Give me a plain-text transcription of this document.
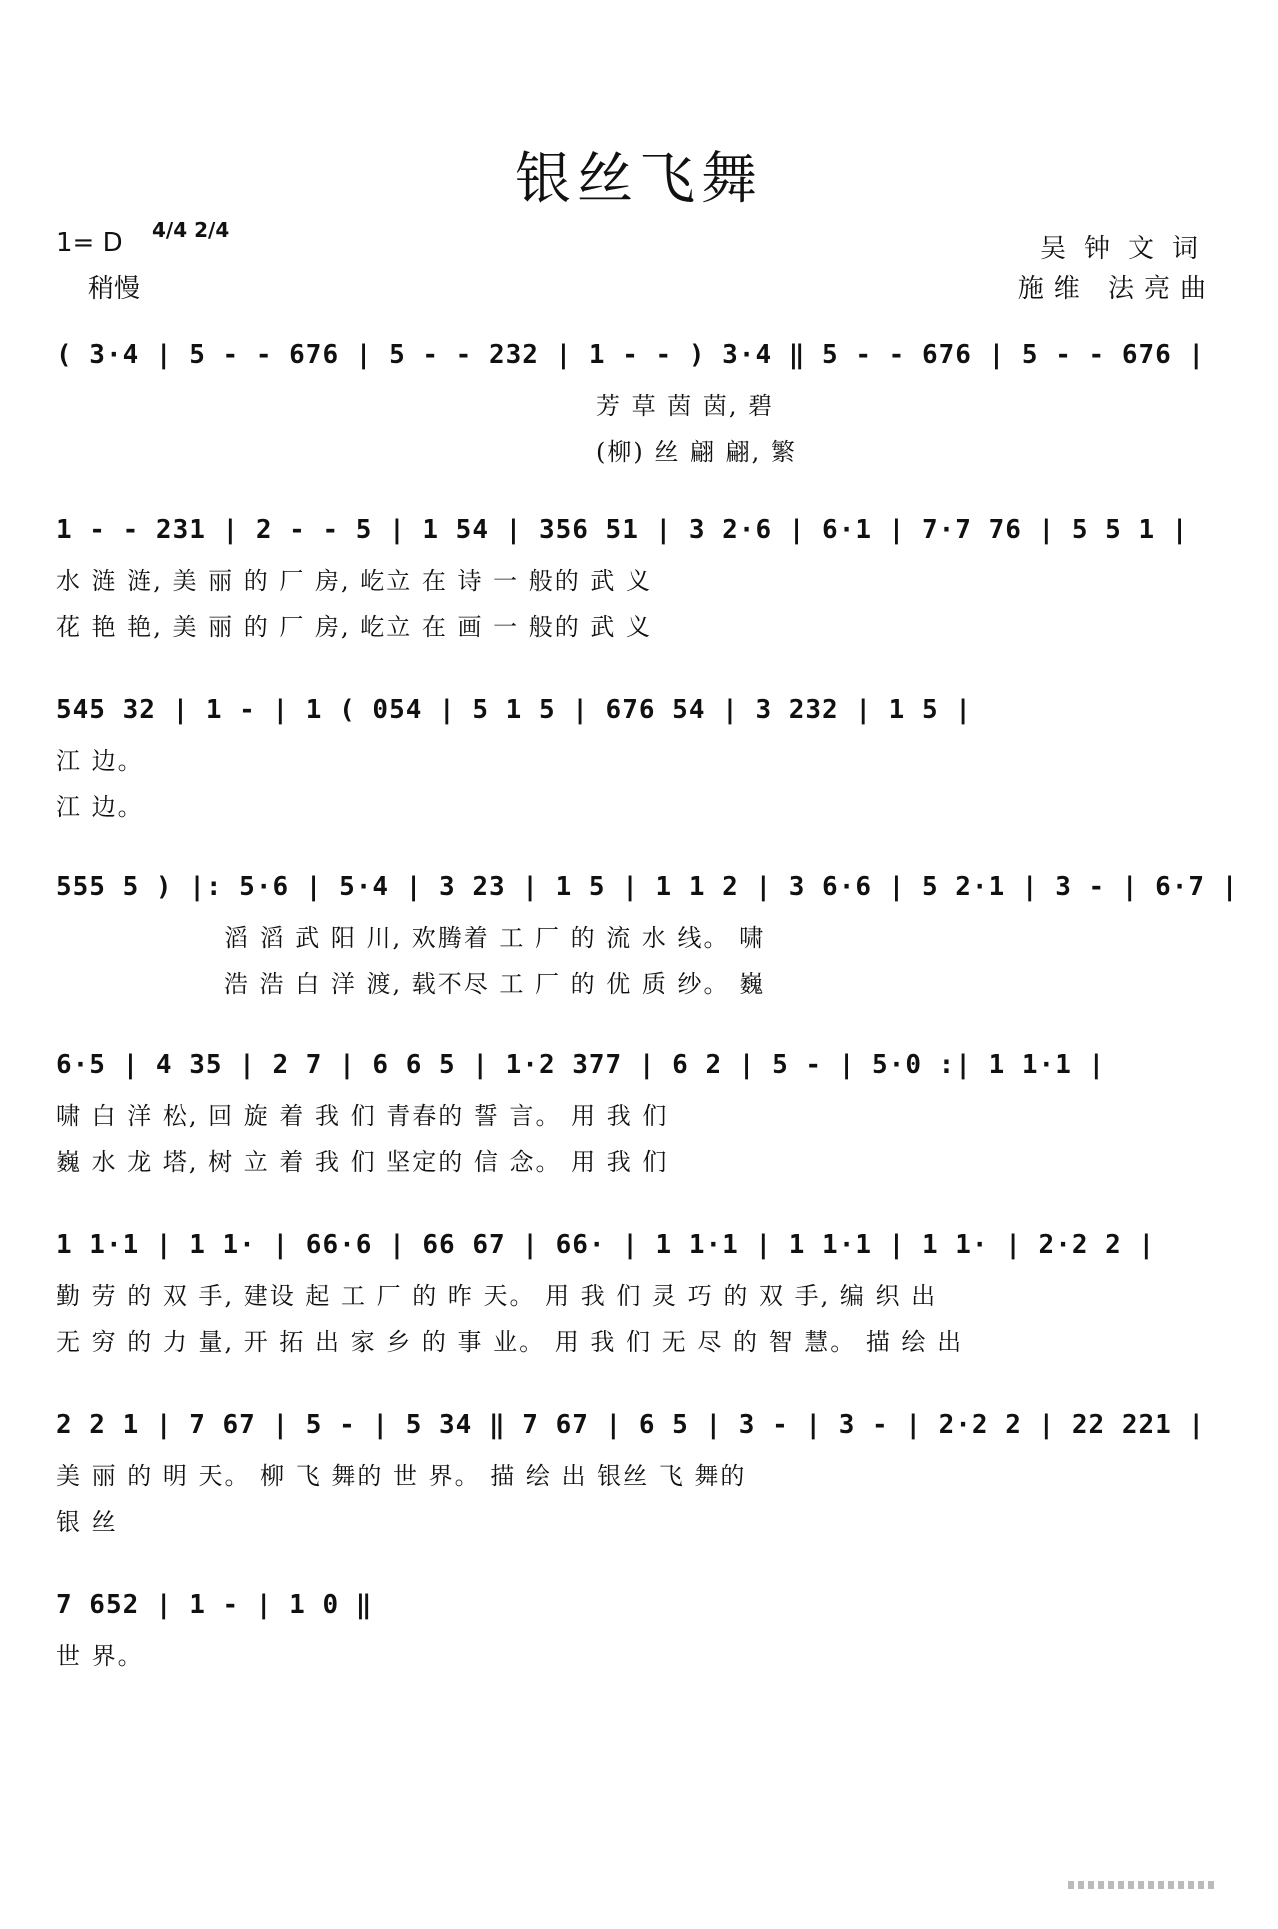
银丝飞舞
1= D 4/4 2/4
稍慢
吴钟文词
施维 法亮曲
( 3·4 | 5 - - 676 | 5 - - 232 | 1 - - ) 3·4 ‖ 5 - - 676 | 5 - - 676 |
芳 草 茵 茵, 碧
(柳) 丝 翩 翩, 繁
1 - - 231 | 2 - - 5 | 1 54 | 356 51 | 3 2·6 | 6·1 | 7·7 76 | 5 5 1 |
水 涟 涟, 美 丽 的 厂 房, 屹立 在 诗 一 般的 武 义
花 艳 艳, 美 丽 的 厂 房, 屹立 在 画 一 般的 武 义
545 32 | 1 - | 1 ( 054 | 5 1 5 | 676 54 | 3 232 | 1 5 |
江 边。
江 边。
555 5 ) |: 5·6 | 5·4 | 3 23 | 1 5 | 1 1 2 | 3 6·6 | 5 2·1 | 3 - | 6·7 |
滔 滔 武 阳 川, 欢腾着 工 厂 的 流 水 线。 啸
浩 浩 白 洋 渡, 载不尽 工 厂 的 优 质 纱。 巍
6·5 | 4 35 | 2 7 | 6 6 5 | 1·2 377 | 6 2 | 5 - | 5·0 :| 1 1·1 |
啸 白 洋 松, 回 旋 着 我 们 青春的 誓 言。 用 我 们
巍 水 龙 塔, 树 立 着 我 们 坚定的 信 念。 用 我 们
1 1·1 | 1 1· | 66·6 | 66 67 | 66· | 1 1·1 | 1 1·1 | 1 1· | 2·2 2 |
勤 劳 的 双 手, 建设 起 工 厂 的 昨 天。 用 我 们 灵 巧 的 双 手, 编 织 出
无 穷 的 力 量, 开 拓 出 家 乡 的 事 业。 用 我 们 无 尽 的 智 慧。 描 绘 出
2 2 1 | 7 67 | 5 - | 5 34 ‖ 7 67 | 6 5 | 3 - | 3 - | 2·2 2 | 22 221 |
美 丽 的 明 天。 柳 飞 舞的 世 界。 描 绘 出 银丝 飞 舞的
银 丝
7 652 | 1 - | 1 0 ‖
世 界。
